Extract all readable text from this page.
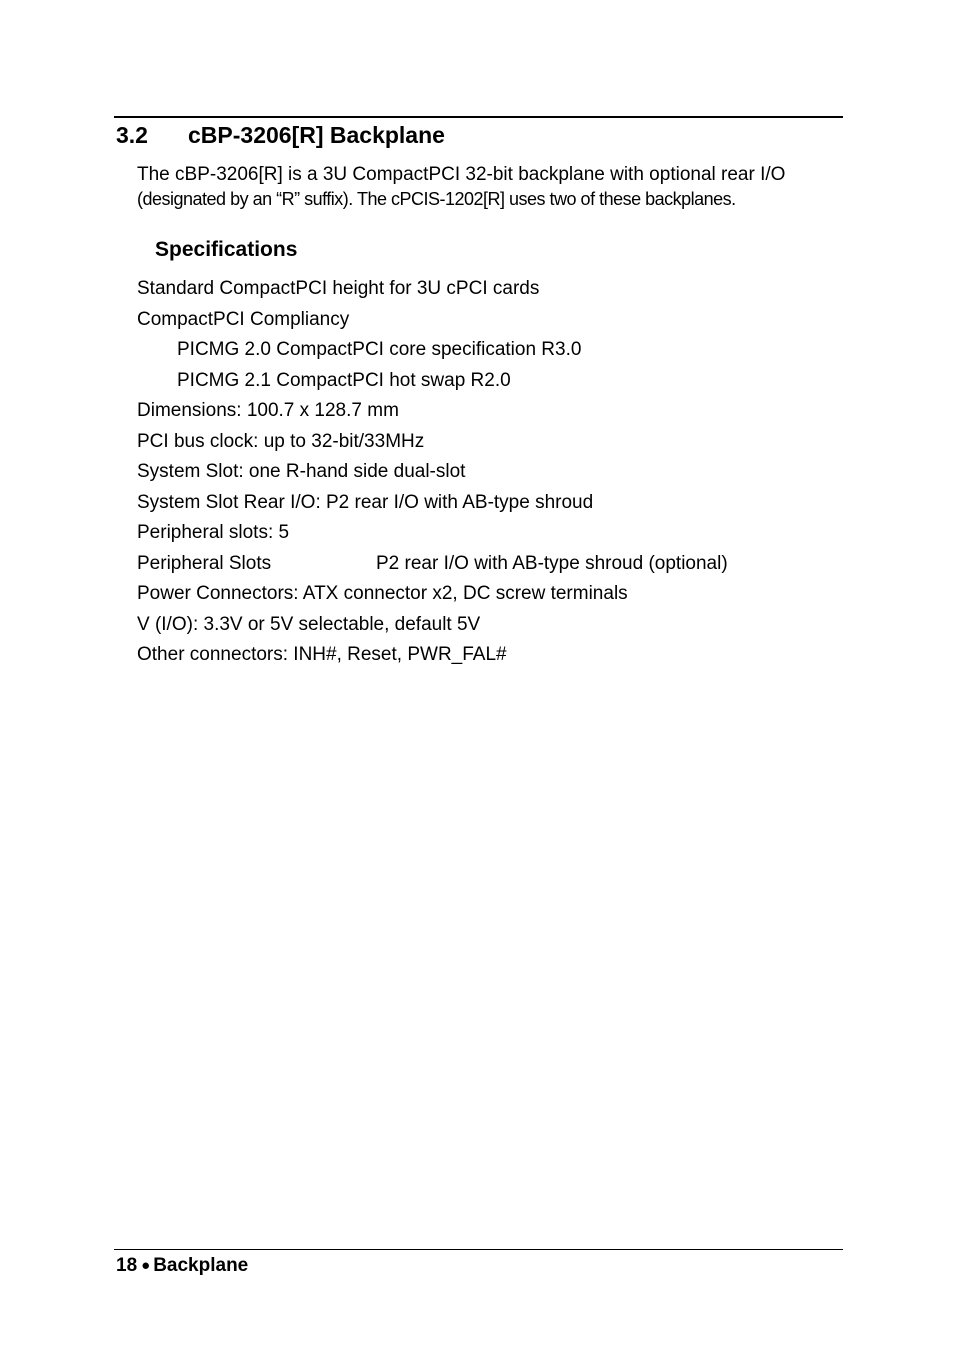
3.2 cBP-3206[R] Backplane
The cBP-3206[R] is a 3U CompactPCI 32-bit backplane with optional rear I/O
(designated by an “R” suffix). The cPCIS-1202[R] uses two of these backplanes.
Specifications
Standard CompactPCI height for 3U cPCI cards
CompactPCI Compliancy
PICMG 2.0 CompactPCI core specification R3.0
PICMG 2.1 CompactPCI hot swap R2.0
Dimensions: 100.7 x 128.7 mm
PCI bus clock: up to 32-bit/33MHz
System Slot: one R-hand side dual-slot
System Slot Rear I/O: P2 rear I/O with AB-type shroud
Peripheral slots: 5
Peripheral Slots	P2 rear I/O with AB-type shroud (optional)
Power Connectors: ATX connector x2, DC screw terminals
V (I/O): 3.3V or 5V selectable, default 5V
Other connectors: INH#, Reset, PWR_FAL#
18 ● Backplane
